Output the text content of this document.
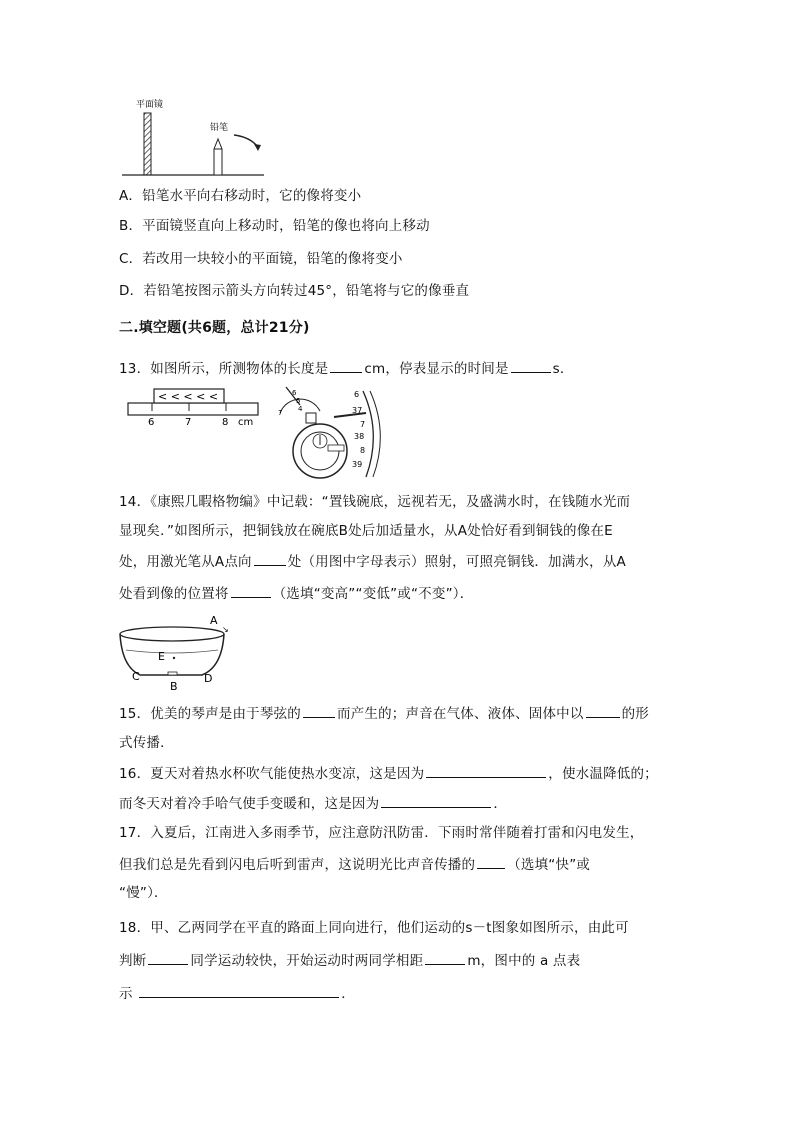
平面镜
铅笔
A．铅笔水平向右移动时，它的像将变小
B．平面镜竖直向上移动时，铅笔的像也将向上移动
C．若改用一块较小的平面镜，铅笔的像将变小
D．若铅笔按图示箭头方向转过45°，铅笔将与它的像垂直
二.填空题(共6题，总计21分)
13．如图所示，所测物体的长度是	cm，停表显示的时间是	s．
6	7	8 cm
< < < < <	6
5
4
7
6
37
7
38
8
39
14．《康熙几暇格物编》中记载：“置钱碗底，远视若无，及盛满水时，在钱随水光而
显现矣．”如图所示，把铜钱放在碗底B处后加适量水，从A处恰好看到铜钱的像在E
处，用激光笔从A点向	处（用图中字母表示）照射，可照亮铜钱．加满水，从A
处看到像的位置将	（选填“变高”“变低”或“不变”）．
A
↘
E
C
B
D
15．优美的琴声是由于琴弦的	而产生的；声音在气体、液体、固体中以	的形
式传播．
16．夏天对着热水杯吹气能使热水变凉，这是因为	，使水温降低的；
而冬天对着冷手哈气使手变暖和，这是因为	．
17．入夏后，江南进入多雨季节，应注意防汛防雷．下雨时常伴随着打雷和闪电发生，
但我们总是先看到闪电后听到雷声，这说明光比声音传播的 （选填“快”或
“慢”）．
18．甲、乙两同学在平直的路面上同向进行，他们运动的s－t图象如图所示，由此可
判断	同学运动较快，开始运动时两同学相距	m，图中的 a 点表
示	．
